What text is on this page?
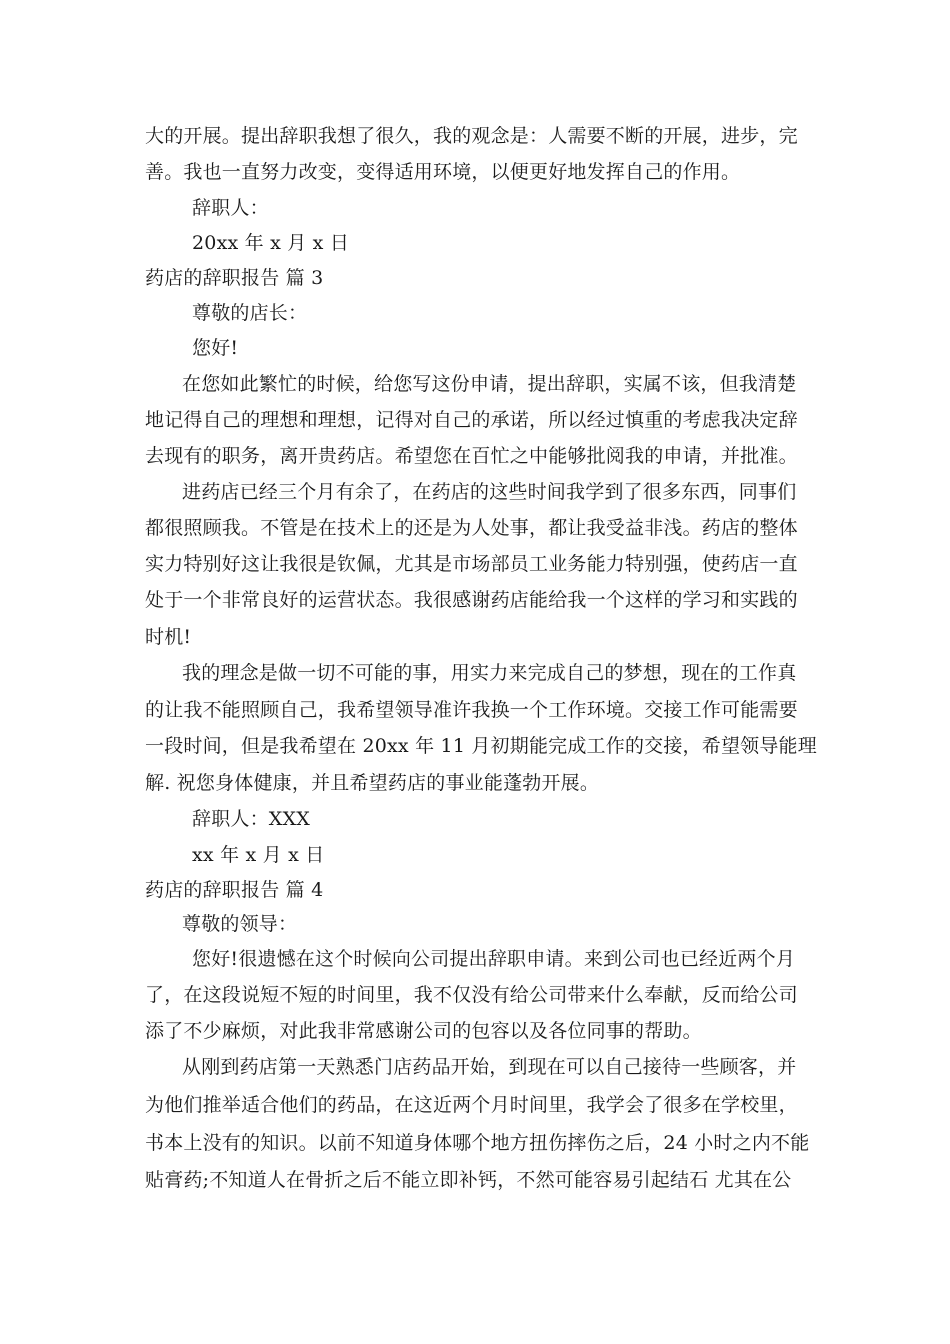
大的开展。提出辞职我想了很久，我的观念是：人需要不断的开展，进步，完
善。我也一直努力改变，变得适用环境，以便更好地发挥自己的作用。
辞职人：
20xx 年 x 月 x 日
药店的辞职报告 篇 3
尊敬的店长：
您好!
在您如此繁忙的时候，给您写这份申请，提出辞职，实属不该，但我清楚
地记得自己的理想和理想，记得对自己的承诺，所以经过慎重的考虑我决定辞
去现有的职务，离开贵药店。希望您在百忙之中能够批阅我的申请，并批准。
进药店已经三个月有余了，在药店的这些时间我学到了很多东西，同事们
都很照顾我。不管是在技术上的还是为人处事，都让我受益非浅。药店的整体
实力特别好这让我很是钦佩，尤其是市场部员工业务能力特别强，使药店一直
处于一个非常良好的运营状态。我很感谢药店能给我一个这样的学习和实践的
时机!
我的理念是做一切不可能的事，用实力来完成自己的梦想，现在的工作真
的让我不能照顾自己，我希望领导准许我换一个工作环境。交接工作可能需要
一段时间，但是我希望在 20xx 年 11 月初期能完成工作的交接，希望领导能理
解. 祝您身体健康，并且希望药店的事业能蓬勃开展。
辞职人：XXX
xx 年 x 月 x 日
药店的辞职报告 篇 4
尊敬的领导：
您好!很遗憾在这个时候向公司提出辞职申请。来到公司也已经近两个月
了，在这段说短不短的时间里，我不仅没有给公司带来什么奉献，反而给公司
添了不少麻烦，对此我非常感谢公司的包容以及各位同事的帮助。
从刚到药店第一天熟悉门店药品开始，到现在可以自己接待一些顾客，并
为他们推举适合他们的药品，在这近两个月时间里，我学会了很多在学校里，
书本上没有的知识。以前不知道身体哪个地方扭伤摔伤之后，24 小时之内不能
贴膏药;不知道人在骨折之后不能立即补钙，不然可能容易引起结石 尤其在公
